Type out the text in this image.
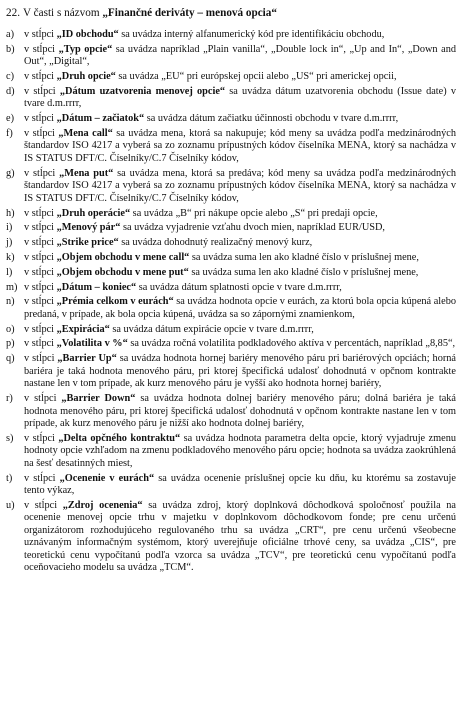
22. V časti s názvom „Finančné deriváty – menová opcia“
a) v stĺpci „ID obchodu“ sa uvádza interný alfanumerický kód pre identifikáciu obchodu,
b) v stĺpci „Typ opcie“ sa uvádza napríklad „Plain vanilla“, „Double lock in“, „Up and In“, „Down and Out“, „Digital“,
c) v stĺpci „Druh opcie“ sa uvádza „EU“ pri európskej opcii alebo „US“ pri americkej opcii,
d) v stĺpci „Dátum uzatvorenia menovej opcie“ sa uvádza dátum uzatvorenia obchodu (Issue date) v tvare d.m.rrrr,
e) v stĺpci „Dátum – začiatok“ sa uvádza dátum začiatku účinnosti obchodu v tvare d.m.rrrr,
f)	v stĺpci „Mena call“ sa uvádza mena, ktorá sa nakupuje; kód meny sa uvádza podľa medzinárodných štandardov ISO 4217 a vyberá sa zo zoznamu prípustných kódov číselníka MENA, ktorý sa nachádza v IS STATUS DFT/C. Číselníky/C.7 Číselníky kódov,
g) v stĺpci „Mena put“ sa uvádza mena, ktorá sa predáva; kód meny sa uvádza podľa medzinárodných štandardov ISO 4217 a vyberá sa zo zoznamu prípustných kódov číselníka MENA, ktorý sa nachádza v IS STATUS DFT/C. Číselníky/C.7 Číselníky kódov,
h) v stĺpci „Druh operácie“ sa uvádza „B“ pri nákupe opcie alebo „S“ pri predaji opcie,
i)	v stĺpci „Menový pár“ sa uvádza vyjadrenie vzťahu dvoch mien, napríklad EUR/USD,
j)	v stĺpci „Strike price“ sa uvádza dohodnutý realizačný menový kurz,
k) v stĺpci „Objem obchodu v mene call“ sa uvádza suma len ako kladné číslo v príslušnej mene,
l)	v stĺpci „Objem obchodu v mene put“ sa uvádza suma len ako kladné číslo v príslušnej mene,
m) v stĺpci „Dátum – koniec“ sa uvádza dátum splatnosti opcie v tvare d.m.rrrr,
n) v stĺpci „Prémia celkom v eurách“ sa uvádza hodnota opcie v eurách, za ktorú bola opcia kúpená alebo predaná, v prípade, ak bola opcia kúpená, uvádza sa so zápornými znamienkom,
o) v stĺpci „Expirácia“ sa uvádza dátum expirácie opcie v tvare d.m.rrrr,
p) v stĺpci „Volatilita v %“ sa uvádza ročná volatilita podkladového aktíva v percentách, napríklad „8,85“,
q) v stĺpci „Barrier Up“ sa uvádza hodnota hornej bariéry menového páru pri bariérových opciách; horná bariéra je taká hodnota menového páru, pri ktorej špecifická udalosť dohodnutá v opčnom kontrakte nastane len v tom prípade, ak kurz menového páru je vyšší ako hodnota hornej bariéry,
r)	v stĺpci „Barrier Down“ sa uvádza hodnota dolnej bariéry menového páru; dolná bariéra je taká hodnota menového páru, pri ktorej špecifická udalosť dohodnutá v opčnom kontrakte nastane len v tom prípade, ak kurz menového páru je nižší ako hodnota dolnej bariéry,
s)	v stĺpci „Delta opčného kontraktu“ sa uvádza hodnota parametra delta opcie, ktorý vyjadruje zmenu hodnoty opcie vzhľadom na zmenu podkladového menového páru opcie; hodnota sa uvádza zaokrúhlená na šesť desatinných miest,
t)	v stĺpci „Ocenenie v eurách“ sa uvádza ocenenie príslušnej opcie ku dňu, ku ktorému sa zostavuje tento výkaz,
u) v stĺpci „Zdroj ocenenia“ sa uvádza zdroj, ktorý doplnková dôchodková spoločnosť použila na ocenenie menovej opcie trhu v majetku v doplnkovom dôchodkovom fonde; pre cenu určenú organizátorom rozhodujúceho regulovaného trhu sa uvádza „CRT“, pre cenu určenú všeobecne uznávaným informačným systémom, ktorý uverejňuje oficiálne trhové ceny, sa uvádza „CIS“, pre teoretickú cenu vypočítanú podľa vzorca sa uvádza „TCV“, pre teoretickú cenu vypočítanú podľa oceňovacieho modelu sa uvádza „TCM“.
